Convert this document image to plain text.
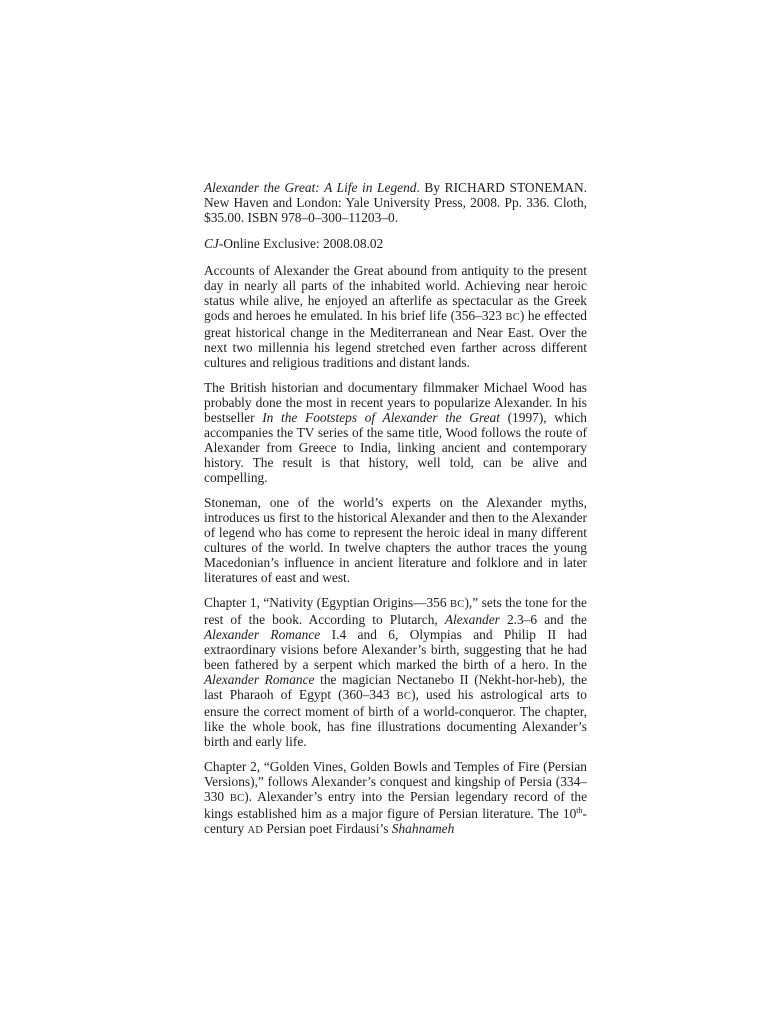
Alexander the Great: A Life in Legend. By RICHARD STONEMAN. New Haven and London: Yale University Press, 2008. Pp. 336. Cloth, $35.00. ISBN 978–0–300–11203–0.

CJ-Online Exclusive: 2008.08.02

Accounts of Alexander the Great abound from antiquity to the present day in nearly all parts of the inhabited world. Achieving near heroic status while alive, he enjoyed an afterlife as spectacular as the Greek gods and heroes he emulated. In his brief life (356–323 BC) he effected great historical change in the Mediterranean and Near East. Over the next two millennia his legend stretched even farther across different cultures and religious traditions and distant lands.

The British historian and documentary filmmaker Michael Wood has probably done the most in recent years to popularize Alexander. In his bestseller In the Footsteps of Alexander the Great (1997), which accompanies the TV series of the same title, Wood follows the route of Alexander from Greece to India, linking ancient and contemporary history. The result is that history, well told, can be alive and compelling.

Stoneman, one of the world’s experts on the Alexander myths, introduces us first to the historical Alexander and then to the Alexander of legend who has come to represent the heroic ideal in many different cultures of the world. In twelve chapters the author traces the young Macedonian’s influence in ancient literature and folklore and in later literatures of east and west.

Chapter 1, “Nativity (Egyptian Origins—356 BC),” sets the tone for the rest of the book. According to Plutarch, Alexander 2.3–6 and the Alexander Romance I.4 and 6, Olympias and Philip II had extraordinary visions before Alexander’s birth, suggesting that he had been fathered by a serpent which marked the birth of a hero. In the Alexander Romance the magician Nectanebo II (Nekht-hor-heb), the last Pharaoh of Egypt (360–343 BC), used his astrological arts to ensure the correct moment of birth of a world-conqueror. The chapter, like the whole book, has fine illustrations documenting Alexander’s birth and early life.

Chapter 2, “Golden Vines, Golden Bowls and Temples of Fire (Persian Versions),” follows Alexander’s conquest and kingship of Persia (334–330 BC). Alexander’s entry into the Persian legendary record of the kings established him as a major figure of Persian literature. The 10th-century AD Persian poet Firdausi’s Shahnameh
